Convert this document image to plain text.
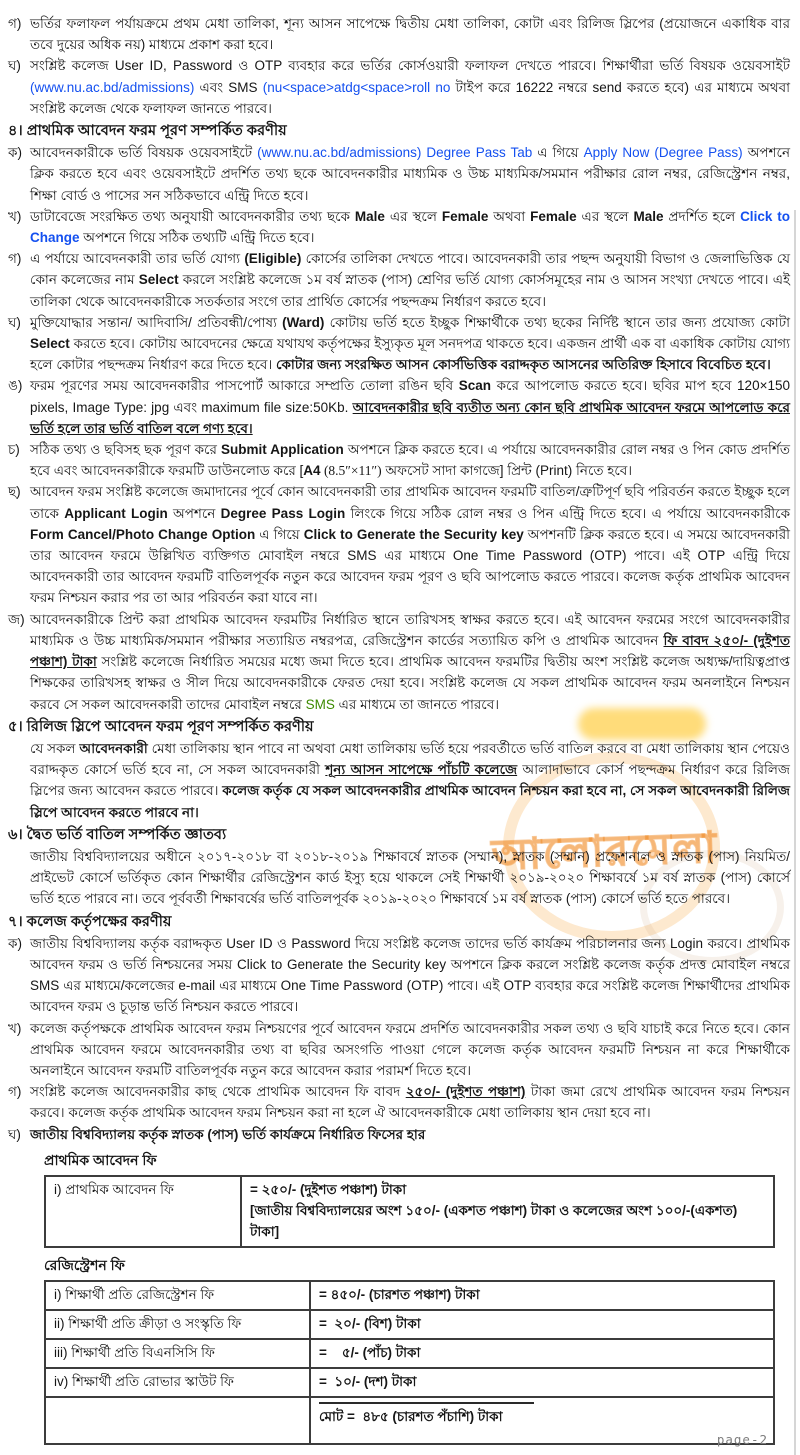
আলোরমেলা
গ) ভর্তির ফলাফল পর্যায়ক্রমে প্রথম মেধা তালিকা, শূন্য আসন সাপেক্ষে দ্বিতীয় মেধা তালিকা, কোটা এবং রিলিজ স্লিপের (প্রয়োজনে একাধিক বার তবে দুয়ের অধিক নয়) মাধ্যমে প্রকাশ করা হবে।
ঘ) সংশ্লিষ্ট কলেজ User ID, Password ও OTP ব্যবহার করে ভর্তির কোর্সওয়ারী ফলাফল দেখতে পারবে। শিক্ষার্থীরা ভর্তি বিষয়ক ওয়েবসাইট (www.nu.ac.bd/admissions) এবং SMS (nu<space>atdg<space>roll no টাইপ করে 16222 নম্বরে send করতে হবে) এর মাধ্যমে অথবা সংশ্লিষ্ট কলেজ থেকে ফলাফল জানতে পারবে।
৪। প্রাথমিক আবেদন ফরম পূরণ সম্পর্কিত করণীয়
ক) আবেদনকারীকে ভর্তি বিষয়ক ওয়েবসাইটে (www.nu.ac.bd/admissions) Degree Pass Tab এ গিয়ে Apply Now (Degree Pass) অপশনে ক্লিক করতে হবে এবং ওয়েবসাইটে প্রদর্শিত তথ্য ছকে আবেদনকারীর মাধ্যমিক ও উচ্চ মাধ্যমিক/সমমান পরীক্ষার রোল নম্বর, রেজিস্ট্রেশন নম্বর, শিক্ষা বোর্ড ও পাসের সন সঠিকভাবে এন্ট্রি দিতে হবে।
খ) ডাটাবেজে সংরক্ষিত তথ্য অনুযায়ী আবেদনকারীর তথ্য ছকে Male এর স্থলে Female অথবা Female এর স্থলে Male প্রদর্শিত হলে Click to Change অপশনে গিয়ে সঠিক তথ্যটি এন্ট্রি দিতে হবে।
গ) এ পর্যায়ে আবেদনকারী তার ভর্তি যোগ্য (Eligible) কোর্সের তালিকা দেখতে পাবে। আবেদনকারী তার পছন্দ অনুযায়ী বিভাগ ও জেলাভিত্তিক যে কোন কলেজের নাম Select করলে সংশ্লিষ্ট কলেজে ১ম বর্ষ স্নাতক (পাস) শ্রেণির ভর্তি যোগ্য কোর্সসমূহের নাম ও আসন সংখ্যা দেখতে পাবে। এই তালিকা থেকে আবেদনকারীকে সতর্কতার সংগে তার প্রার্থিত কোর্সের পছন্দক্রম নির্ধারণ করতে হবে।
ঘ) মুক্তিযোদ্ধার সন্তান/ আদিবাসি/ প্রতিবন্ধী/পোষ্য (Ward) কোটায় ভর্তি হতে ইচ্ছুক শিক্ষার্থীকে তথ্য ছকের নির্দিষ্ট স্থানে তার জন্য প্রযোজ্য কোটা Select করতে হবে। কোটায় আবেদনের ক্ষেত্রে যথাযথ কর্তৃপক্ষের ইস্যুকৃত মূল সনদপত্র থাকতে হবে। একজন প্রার্থী এক বা একাধিক কোটায় যোগ্য হলে কোটার পছন্দক্রম নির্ধারণ করে দিতে হবে। কোটার জন্য সংরক্ষিত আসন কোর্সভিত্তিক বরাদ্দকৃত আসনের অতিরিক্ত হিসাবে বিবেচিত হবে।
ঙ) ফরম পূরণের সময় আবেদনকারীর পাসপোর্ট আকারে সম্প্রতি তোলা রঙিন ছবি Scan করে আপলোড করতে হবে। ছবির মাপ হবে 120×150 pixels, Image Type: jpg এবং maximum file size:50Kb. আবেদনকারীর ছবি ব্যতীত অন্য কোন ছবি প্রাথমিক আবেদন ফরমে আপলোড করে ভর্তি হলে তার ভর্তি বাতিল বলে গণ্য হবে।
চ) সঠিক তথ্য ও ছবিসহ ছক পূরণ করে Submit Application অপশনে ক্লিক করতে হবে। এ পর্যায়ে আবেদনকারীর রোল নম্বর ও পিন কোড প্রদর্শিত হবে এবং আবেদনকারীকে ফরমটি ডাউনলোড করে [A4 (8.5″×11″) অফসেট সাদা কাগজে] প্রিন্ট (Print) নিতে হবে।
ছ) আবেদন ফরম সংশ্লিষ্ট কলেজে জমাদানের পূর্বে কোন আবেদনকারী তার প্রাথমিক আবেদন ফরমটি বাতিল/ত্রুটিপূর্ণ ছবি পরিবর্তন করতে ইচ্ছুক হলে তাকে Applicant Login অপশনে Degree Pass Login লিংকে গিয়ে সঠিক রোল নম্বর ও পিন এন্ট্রি দিতে হবে। এ পর্যায়ে আবেদনকারীকে Form Cancel/Photo Change Option এ গিয়ে Click to Generate the Security key অপশনটি ক্লিক করতে হবে। এ সময়ে আবেদনকারী তার আবেদন ফরমে উল্লিখিত ব্যক্তিগত মোবাইল নম্বরে SMS এর মাধ্যমে One Time Password (OTP) পাবে। এই OTP এন্ট্রি দিয়ে আবেদনকারী তার আবেদন ফরমটি বাতিলপূর্বক নতুন করে আবেদন ফরম পূরণ ও ছবি আপলোড করতে পারবে। কলেজ কর্তৃক প্রাথমিক আবেদন ফরম নিশ্চয়ন করার পর তা আর পরিবর্তন করা যাবে না।
জ) আবেদনকারীকে প্রিন্ট করা প্রাথমিক আবেদন ফরমটির নির্ধারিত স্থানে তারিখসহ স্বাক্ষর করতে হবে। এই আবেদন ফরমের সংগে আবেদনকারীর মাধ্যমিক ও উচ্চ মাধ্যমিক/সমমান পরীক্ষার সত্যায়িত নম্বরপত্র, রেজিস্ট্রেশন কার্ডের সত্যায়িত কপি ও প্রাথমিক আবেদন ফি বাবদ ২৫০/- (দুইশত পঞ্চাশ) টাকা সংশ্লিষ্ট কলেজে নির্ধারিত সময়ের মধ্যে জমা দিতে হবে। প্রাথমিক আবেদন ফরমটির দ্বিতীয় অংশ সংশ্লিষ্ট কলেজ অধ্যক্ষ/দায়িত্বপ্রাপ্ত শিক্ষকের তারিখসহ স্বাক্ষর ও সীল দিয়ে আবেদনকারীকে ফেরত দেয়া হবে। সংশ্লিষ্ট কলেজ যে সকল প্রাথমিক আবেদন ফরম অনলাইনে নিশ্চয়ন করবে সে সকল আবেদনকারী তাদের মোবাইল নম্বরে SMS এর মাধ্যমে তা জানতে পারবে।
৫। রিলিজ স্লিপে আবেদন ফরম পূরণ সম্পর্কিত করণীয়
যে সকল আবেদনকারী মেধা তালিকায় স্থান পাবে না অথবা মেধা তালিকায় ভর্তি হয়ে পরবর্তীতে ভর্তি বাতিল করবে বা মেধা তালিকায় স্থান পেয়েও বরাদ্দকৃত কোর্সে ভর্তি হবে না, সে সকল আবেদনকারী শূন্য আসন সাপেক্ষে পাঁচটি কলেজে আলাদাভাবে কোর্স পছন্দক্রম নির্ধারণ করে রিলিজ স্লিপের জন্য আবেদন করতে পারবে। কলেজ কর্তৃক যে সকল আবেদনকারীর প্রাথমিক আবেদন নিশ্চয়ন করা হবে না, সে সকল আবেদনকারী রিলিজ স্লিপে আবেদন করতে পারবে না।
৬। দ্বৈত ভর্তি বাতিল সম্পর্কিত জ্ঞাতব্য
জাতীয় বিশ্ববিদ্যালয়ের অধীনে ২০১৭-২০১৮ বা ২০১৮-২০১৯ শিক্ষাবর্ষে স্নাতক (সম্মান), স্নাতক (সম্মান) প্রফেশনাল ও স্নাতক (পাস) নিয়মিত/প্রাইভেট কোর্সে ভর্তিকৃত কোন শিক্ষার্থীর রেজিস্ট্রেশন কার্ড ইস্যু হয়ে থাকলে সেই শিক্ষার্থী ২০১৯-২০২০ শিক্ষাবর্ষে ১ম বর্ষ স্নাতক (পাস) কোর্সে ভর্তি হতে পারবে না। তবে পূর্ববর্তী শিক্ষাবর্ষের ভর্তি বাতিলপূর্বক ২০১৯-২০২০ শিক্ষাবর্ষে ১ম বর্ষ স্নাতক (পাস) কোর্সে ভর্তি হতে পারবে।
৭। কলেজ কর্তৃপক্ষের করণীয়
ক) জাতীয় বিশ্ববিদ্যালয় কর্তৃক বরাদ্দকৃত User ID ও Password দিয়ে সংশ্লিষ্ট কলেজ তাদের ভর্তি কার্যক্রম পরিচালনার জন্য Login করবে। প্রাথমিক আবেদন ফরম ও ভর্তি নিশ্চয়নের সময় Click to Generate the Security key অপশনে ক্লিক করলে সংশ্লিষ্ট কলেজ কর্তৃক প্রদত্ত মোবাইল নম্বরে SMS এর মাধ্যমে/কলেজের e-mail এর মাধ্যমে One Time Password (OTP) পাবে। এই OTP ব্যবহার করে সংশ্লিষ্ট কলেজ শিক্ষার্থীদের প্রাথমিক আবেদন ফরম ও চূড়ান্ত ভর্তি নিশ্চয়ন করতে পারবে।
খ) কলেজ কর্তৃপক্ষকে প্রাথমিক আবেদন ফরম নিশ্চয়ণের পূর্বে আবেদন ফরমে প্রদর্শিত আবেদনকারীর সকল তথ্য ও ছবি যাচাই করে নিতে হবে। কোন প্রাথমিক আবেদন ফরমে আবেদনকারীর তথ্য বা ছবির অসংগতি পাওয়া গেলে কলেজ কর্তৃক আবেদন ফরমটি নিশ্চয়ন না করে শিক্ষার্থীকে অনলাইনে আবেদন ফরমটি বাতিলপূর্বক নতুন করে আবেদন করার পরামর্শ দিতে হবে।
গ) সংশ্লিষ্ট কলেজ আবেদনকারীর কাছ থেকে প্রাথমিক আবেদন ফি বাবদ ২৫০/- (দুইশত পঞ্চাশ) টাকা জমা রেখে প্রাথমিক আবেদন ফরম নিশ্চয়ন করবে। কলেজ কর্তৃক প্রাথমিক আবেদন ফরম নিশ্চয়ন করা না হলে ঐ আবেদনকারীকে মেধা তালিকায় স্থান দেয়া হবে না।
ঘ) জাতীয় বিশ্ববিদ্যালয় কর্তৃক স্নাতক (পাস) ভর্তি কার্যক্রমে নির্ধারিত ফিসের হার
প্রাথমিক আবেদন ফি
i) প্রাথমিক আবেদন ফি	= ২৫০/- (দুইশত পঞ্চাশ) টাকা
[জাতীয় বিশ্ববিদ্যালয়ের অংশ ১৫০/- (একশত পঞ্চাশ) টাকা ও কলেজের অংশ ১০০/-(একশত) টাকা]
রেজিস্ট্রেশন ফি
i) শিক্ষার্থী প্রতি রেজিস্ট্রেশন ফি	= ৪৫০/- (চারশত পঞ্চাশ) টাকা

ii) শিক্ষার্থী প্রতি ক্রীড়া ও সংস্কৃতি ফি	=  ২০/- (বিশ) টাকা

iii) শিক্ষার্থী প্রতি বিএনসিসি ফি	=    ৫/- (পাঁচ) টাকা

iv) শিক্ষার্থী প্রতি রোভার স্কাউট ফি	=  ১০/- (দশ) টাকা

	মোট =  ৪৮৫ (চারশত পঁচাশি) টাকা
page-2
